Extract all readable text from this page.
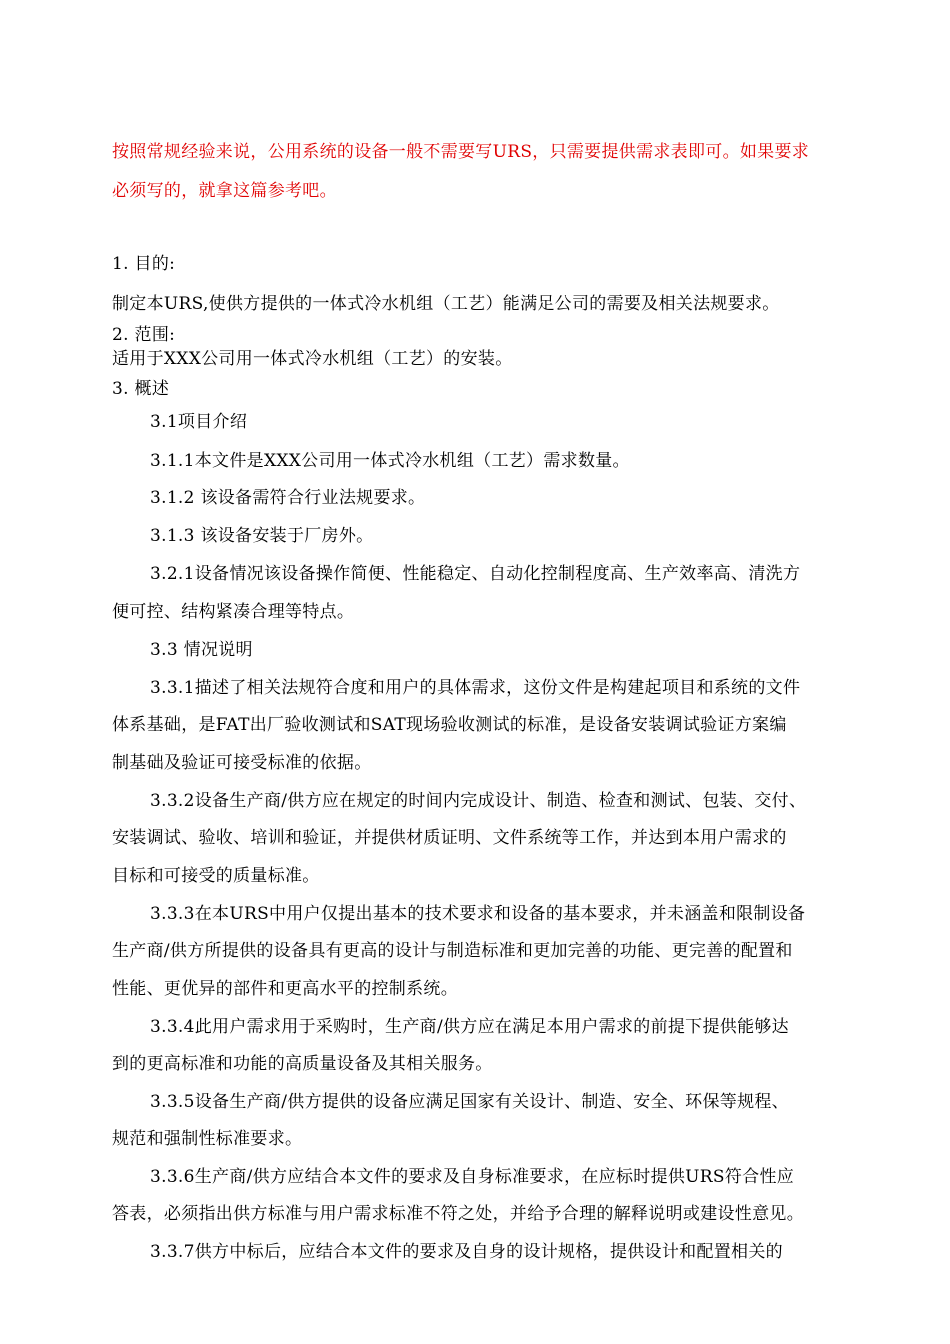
按照常规经验来说，公用系统的设备一般不需要写URS，只需要提供需求表即可。如果要求
必须写的，就拿这篇参考吧。
1. 目的:
制定本URS,使供方提供的一体式冷水机组（工艺）能满足公司的需要及相关法规要求。
2. 范围:
适用于XXX公司用一体式冷水机组（工艺）的安装。
3. 概述
3.1项目介绍
3.1.1本文件是XXX公司用一体式冷水机组（工艺）需求数量。
3.1.2 该设备需符合行业法规要求。
3.1.3 该设备安装于厂房外。
3.2.1设备情况该设备操作简便、性能稳定、自动化控制程度高、生产效率高、清洗方
便可控、结构紧凑合理等特点。
3.3 情况说明
3.3.1描述了相关法规符合度和用户的具体需求，这份文件是构建起项目和系统的文件
体系基础，是FAT出厂验收测试和SAT现场验收测试的标准，是设备安装调试验证方案编
制基础及验证可接受标准的依据。
3.3.2设备生产商/供方应在规定的时间内完成设计、制造、检查和测试、包装、交付、
安装调试、验收、培训和验证，并提供材质证明、文件系统等工作，并达到本用户需求的
目标和可接受的质量标准。
3.3.3在本URS中用户仅提出基本的技术要求和设备的基本要求，并未涵盖和限制设备
生产商/供方所提供的设备具有更高的设计与制造标准和更加完善的功能、更完善的配置和
性能、更优异的部件和更高水平的控制系统。
3.3.4此用户需求用于采购时，生产商/供方应在满足本用户需求的前提下提供能够达
到的更高标准和功能的高质量设备及其相关服务。
3.3.5设备生产商/供方提供的设备应满足国家有关设计、制造、安全、环保等规程、
规范和强制性标准要求。
3.3.6生产商/供方应结合本文件的要求及自身标准要求，在应标时提供URS符合性应
答表，必须指出供方标准与用户需求标准不符之处，并给予合理的解释说明或建设性意见。
3.3.7供方中标后，应结合本文件的要求及自身的设计规格，提供设计和配置相关的
